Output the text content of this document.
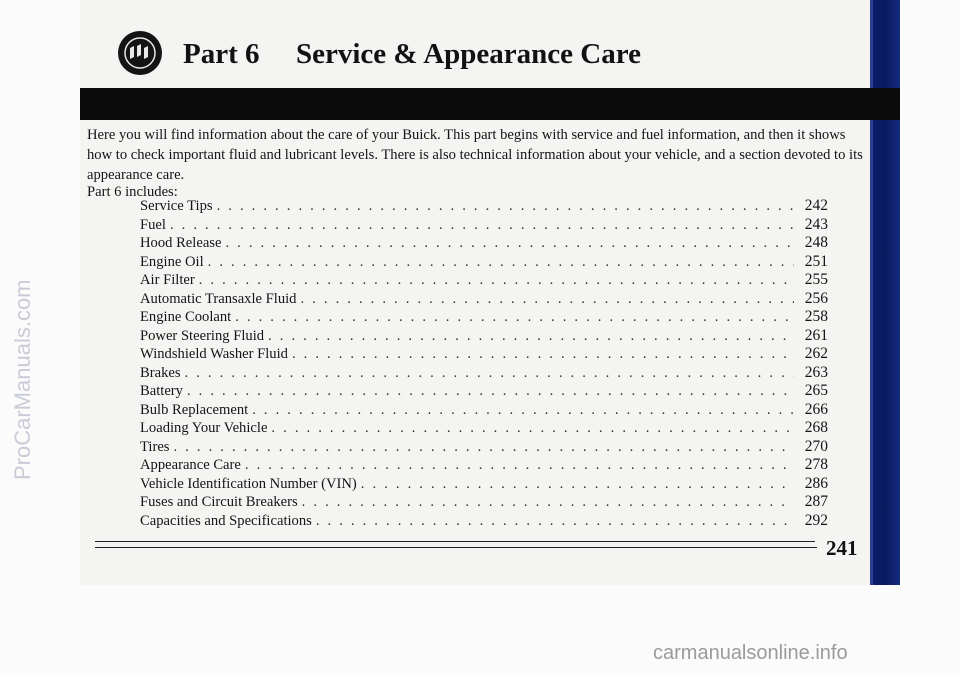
Part 6 Service & Appearance Care

Here you will find information about the care of your Buick. This part begins with service and fuel information, and then it shows how to check important fluid and lubricant levels. There is also technical information about your vehicle, and a section devoted to its appearance care.

Part 6 includes:
Service Tips . . .	242
Fuel . . .	243
Hood Release . . .	248
Engine Oil . . .	251
Air Filter . . .	255
Automatic Transaxle Fluid . . .	256
Engine Coolant . . .	258
Power Steering Fluid . . .	261
Windshield Washer Fluid . . .	262
Brakes . . .	263
Battery . . .	265
Bulb Replacement . . .	266
Loading Your Vehicle . . .	268
Tires . . .	270
Appearance Care . . .	278
Vehicle Identification Number (VIN) . . .	286
Fuses and Circuit Breakers . . .	287
Capacities and Specifications . . .	292
241
ProCarManuals.com
carmanualsonline.info
